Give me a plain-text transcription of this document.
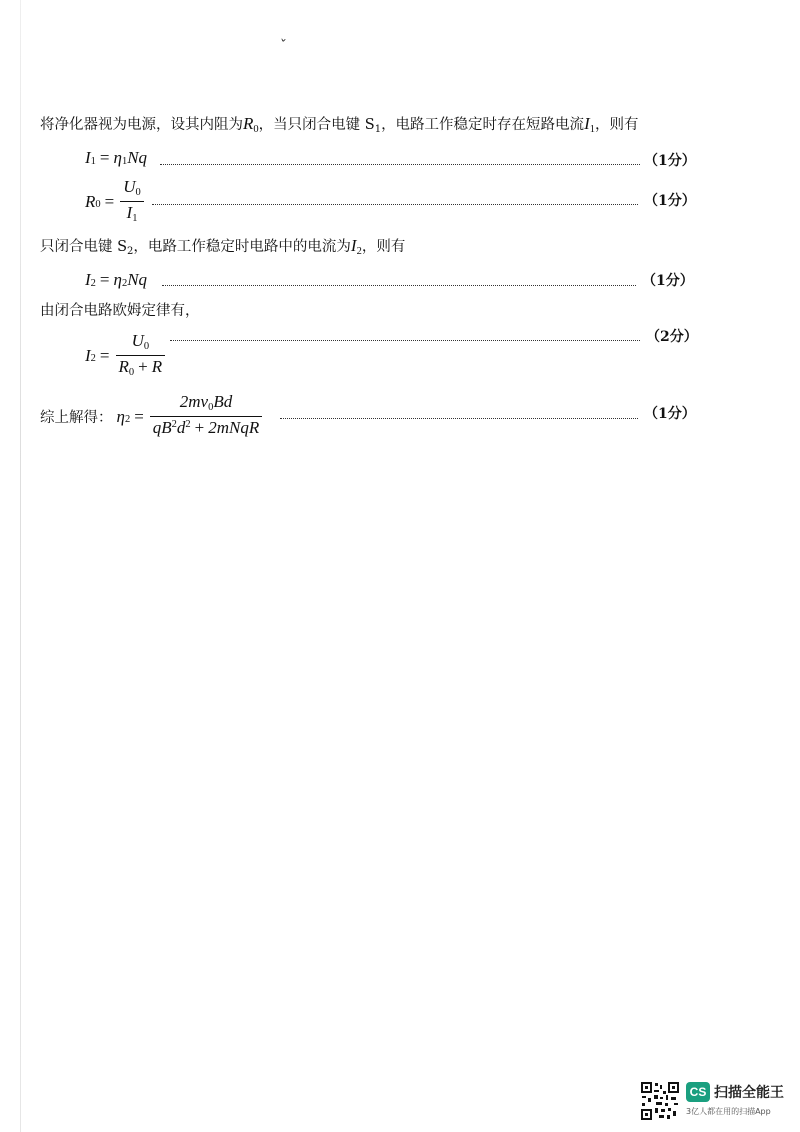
ˇ
将净化器视为电源，设其内阻为R0，当只闭合电键 $S_1$，电路工作稳定时存在短路电流I1，则有
I 1 = η 1 Nq	（1分）
R $0 = \frac{U0}{I1}$	（1分）
只闭合电键 $S_2$，电路工作稳定时电路中的电流为I2，则有
I 2 = η 2 Nq	（1分）
由闭合电路欧姆定律有，
I $2 = \frac{U0}{R0 + R}$	（2分）
综上解得： η $2 = \frac{2mv0Bd}{qB^2d^2 + 2mNqR}$	（1分）
CS 扫描全能王
3亿人都在用的扫描App
